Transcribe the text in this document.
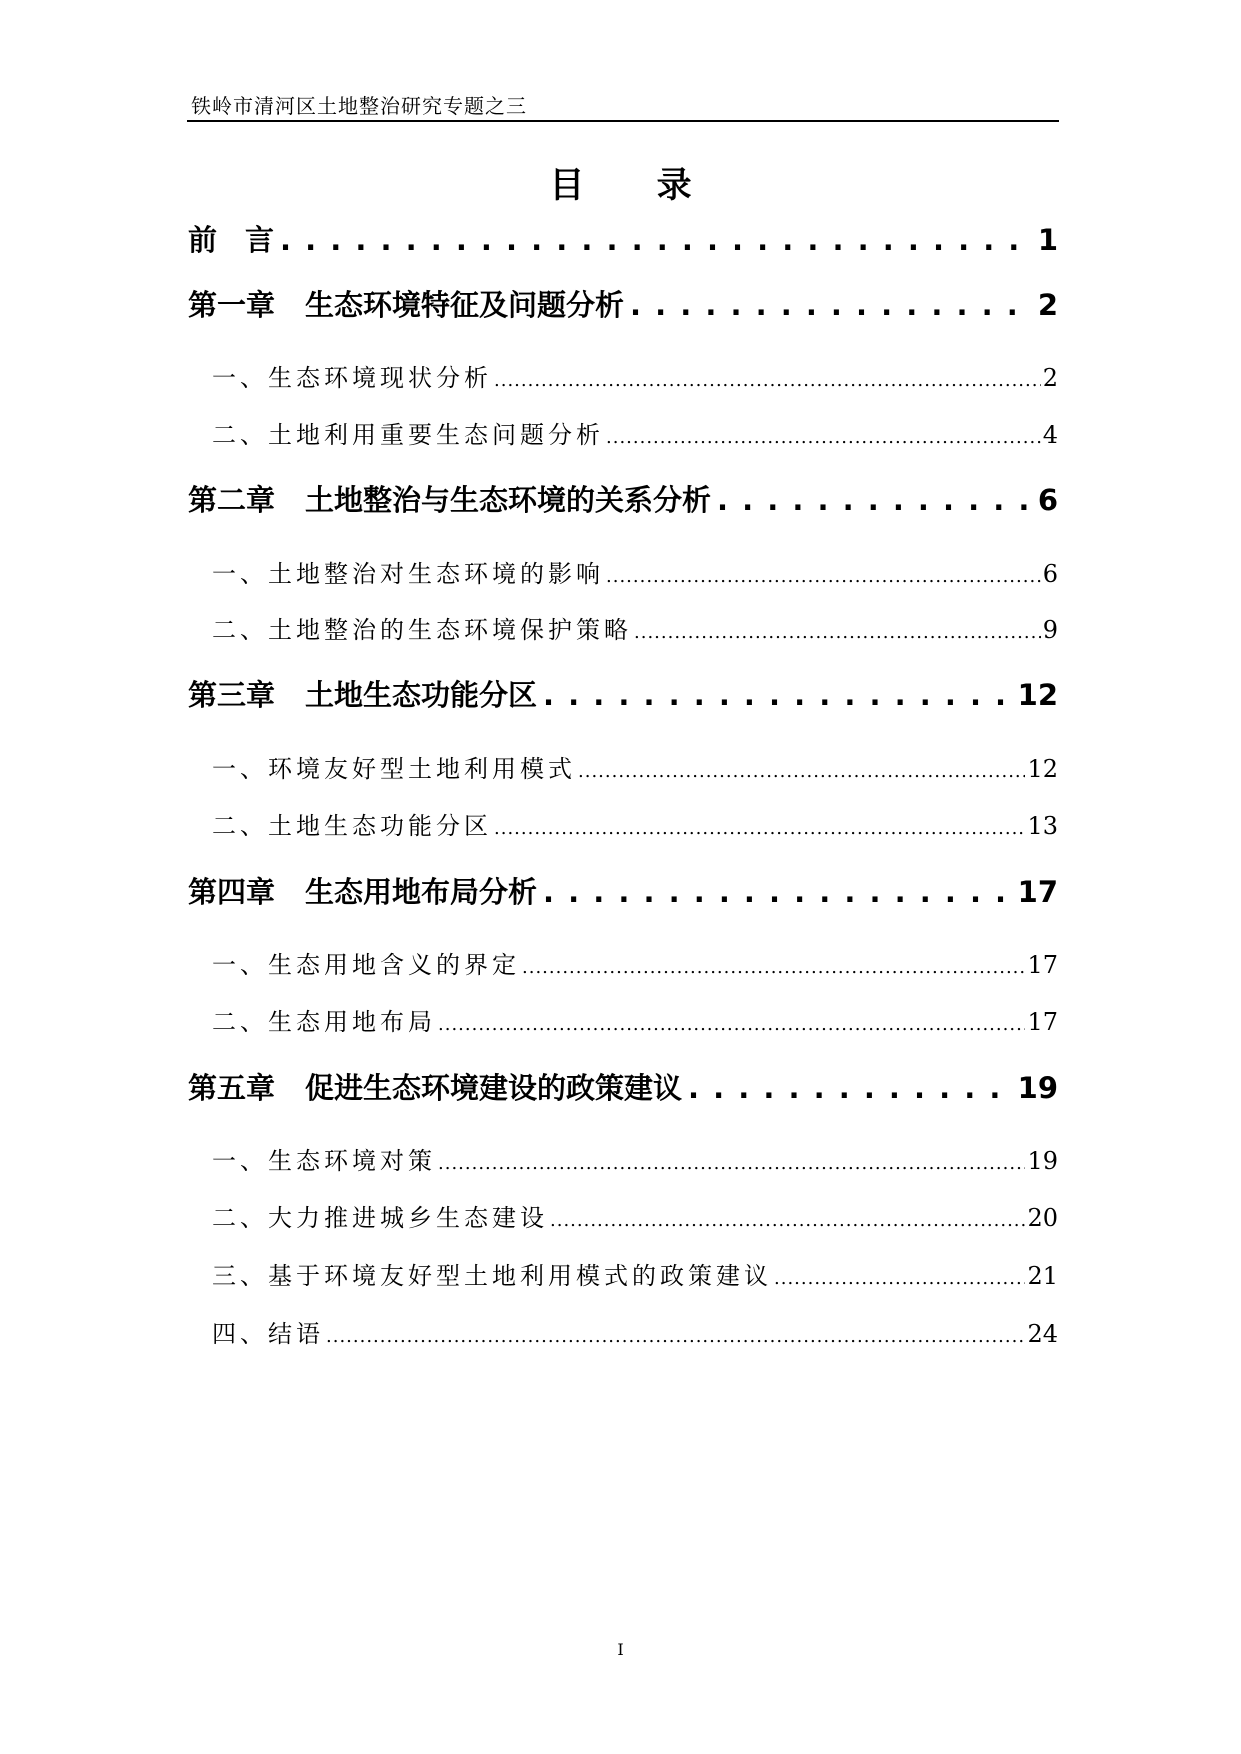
铁岭市清河区土地整治研究专题之三
目 录
前 言 . . .	1
第一章 生态环境特征及问题分析 . . .	2
一、 生态环境现状分析 .....	2
二、 土地利用重要生态问题分析 .....	4
第二章 土地整治与生态环境的关系分析 . . .	6
一、 土地整治对生态环境的影响 .....	6
二、 土地整治的生态环境保护策略 .....	9
第三章 土地生态功能分区 . . .	12
一、 环境友好型土地利用模式 .....	12
二、 土地生态功能分区 .....	13
第四章 生态用地布局分析 . . .	17
一、 生态用地含义的界定 .....	17
二、 生态用地布局 .....	17
第五章 促进生态环境建设的政策建议 . . .	19
一、 生态环境对策 .....	19
二、 大力推进城乡生态建设 .....	20
三、 基于环境友好型土地利用模式的政策建议 .....	21
四、 结语 .....	24
I
